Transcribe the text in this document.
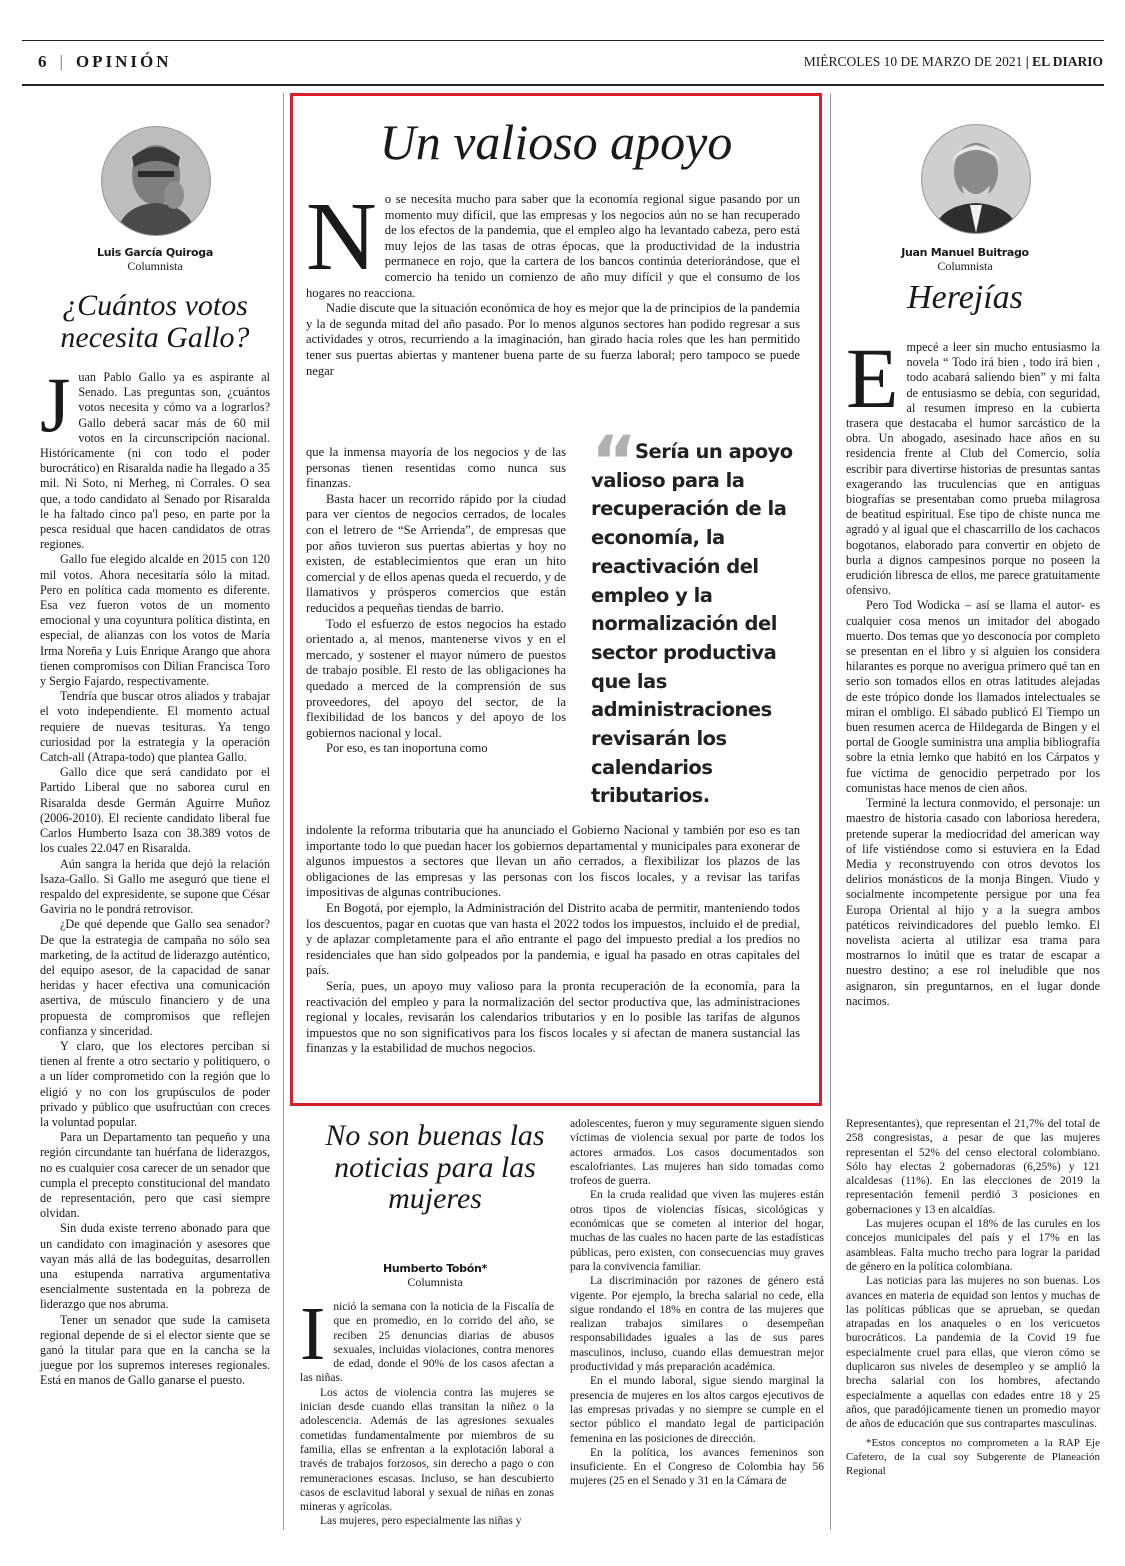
6 | OPINIÓN	MIÉRCOLES 10 DE MARZO DE 2021 | EL DIARIO
Luis García Quiroga
Columnista
¿Cuántos votos necesita Gallo?
J uan Pablo Gallo ya es aspirante al Senado. Las preguntas son, ¿cuántos votos necesita y cómo va a lograrlos? Gallo deberá sacar más de 60 mil votos en la circunscripción nacional. Históricamente (ni con todo el poder burocrático) en Risaralda nadie ha llegado a 35 mil. Ni Soto, ni Merheg, ni Corrales. O sea que, a todo candidato al Senado por Risaralda le ha faltado cinco pa'l peso, en parte por la pesca residual que hacen candidatos de otras regiones.

Gallo fue elegido alcalde en 2015 con 120 mil votos. Ahora necesitaría sólo la mitad. Pero en política cada momento es diferente. Esa vez fueron votos de un momento emocional y una coyuntura política distinta, en especial, de alianzas con los votos de María Irma Noreña y Luis Enrique Arango que ahora tienen compromisos con Dilian Francisca Toro y Sergio Fajardo, respectivamente.

Tendría que buscar otros aliados y trabajar el voto independiente. El momento actual requiere de nuevas tesituras. Ya tengo curiosidad por la estrategia y la operación Catch-all (Atrapa-todo) que plantea Gallo.

Gallo dice que será candidato por el Partido Liberal que no saborea curul en Risaralda desde Germán Aguirre Muñoz (2006-2010). El reciente candidato liberal fue Carlos Humberto Isaza con 38.389 votos de los cuales 22.047 en Risaralda.

Aún sangra la herida que dejó la relación Isaza-Gallo. Si Gallo me aseguró que tiene el respaldo del expresidente, se supone que César Gaviria no le pondrá retrovisor.

¿De qué depende que Gallo sea senador? De que la estrategia de campaña no sólo sea marketing, de la actitud de liderazgo auténtico, del equipo asesor, de la capacidad de sanar heridas y hacer efectiva una comunicación asertiva, de músculo financiero y de una propuesta de compromisos que reflejen confianza y sinceridad.

Y claro, que los electores perciban si tienen al frente a otro sectario y politiquero, o a un líder comprometido con la región que lo eligió y no con los grupúsculos de poder privado y público que usufructúan con creces la voluntad popular.

Para un Departamento tan pequeño y una región circundante tan huérfana de liderazgos, no es cualquier cosa carecer de un senador que cumpla el precepto constitucional del mandato de representación, pero que casi siempre olvidan.

Sin duda existe terreno abonado para que un candidato con imaginación y asesores que vayan más allá de las bodeguitas, desarrollen una estupenda narrativa argumentativa esencialmente sustentada en la pobreza de liderazgo que nos abruma.

Tener un senador que sude la camiseta regional depende de si el elector siente que se ganó la titular para que en la cancha se la juegue por los supremos intereses regionales. Está en manos de Gallo ganarse el puesto.

Un valioso apoyo
N o se necesita mucho para saber que la economía regional sigue pasando por un momento muy difícil, que las empresas y los negocios aún no se han recuperado de los efectos de la pandemia, que el empleo algo ha levantado cabeza, pero está muy lejos de las tasas de otras épocas, que la productividad de la industria permanece en rojo, que la cartera de los bancos continúa deteriorándose, que el comercio ha tenido un comienzo de año muy difícil y que el consumo de los hogares no reacciona.

Nadie discute que la situación económica de hoy es mejor que la de principios de la pandemia y la de segunda mitad del año pasado. Por lo menos algunos sectores han podido regresar a sus actividades y otros, recurriendo a la imaginación, han girado hacia roles que les han permitido tener sus puertas abiertas y mantener buena parte de su fuerza laboral; pero tampoco se puede negar

que la inmensa mayoría de los negocios y de las personas tienen resentidas como nunca sus finanzas.

Basta hacer un recorrido rápido por la ciudad para ver cientos de negocios cerrados, de locales con el letrero de “Se Arrienda”, de empresas que por años tuvieron sus puertas abiertas y hoy no existen, de establecimientos que eran un hito comercial y de ellos apenas queda el recuerdo, y de llamativos y prósperos comercios que están reducidos a pequeñas tiendas de barrio.

Todo el esfuerzo de estos negocios ha estado orientado a, al menos, mantenerse vivos y en el mercado, y sostener el mayor número de puestos de trabajo posible. El resto de las obligaciones ha quedado a merced de la comprensión de sus proveedores, del apoyo del sector, de la flexibilidad de los bancos y del apoyo de los gobiernos nacional y local.

Por eso, es tan inoportuna como

“
Sería un apoyo valioso para la recuperación de la economía, la reactivación del empleo y la normalización del sector productiva que las administraciones revisarán los calendarios tributarios.

indolente la reforma tributaria que ha anunciado el Gobierno Nacional y también por eso es tan importante todo lo que puedan hacer los gobiernos departamental y municipales para exonerar de algunos impuestos a sectores que llevan un año cerrados, a flexibilizar los plazos de las obligaciones de las empresas y las personas con los fiscos locales, y a revisar las tarifas impositivas de algunas contribuciones.

En Bogotá, por ejemplo, la Administración del Distrito acaba de permitir, manteniendo todos los descuentos, pagar en cuotas que van hasta el 2022 todos los impuestos, incluido el de predial, y de aplazar completamente para el año entrante el pago del impuesto predial a los predios no residenciales que han sido golpeados por la pandemia, e igual ha pasado en otras capitales del país.

Sería, pues, un apoyo muy valioso para la pronta recuperación de la economía, para la reactivación del empleo y para la normalización del sector productiva que, las administraciones regional y locales, revisarán los calendarios tributarios y en lo posible las tarifas de algunos impuestos que no son significativos para los fiscos locales y si afectan de manera sustancial las finanzas y la estabilidad de muchos negocios.

Juan Manuel Buitrago
Columnista
Herejías
E mpecé a leer sin mucho entusiasmo la novela “ Todo irá bien , todo irá bien , todo acabará saliendo bien” y mi falta de entusiasmo se debía, con seguridad, al resumen impreso en la cubierta trasera que destacaba el humor sarcástico de la obra. Un abogado, asesinado hace años en su residencia frente al Club del Comercio, solía escribir para divertirse historias de presuntas santas exagerando las truculencias que en antiguas biografías se presentaban como prueba milagrosa de beatitud espiritual. Ese tipo de chiste nunca me agradó y al igual que el chascarrillo de los cachacos bogotanos, elaborado para convertir en objeto de burla a dignos campesinos porque no poseen la erudición libresca de ellos, me parece gratuitamente ofensivo.

Pero Tod Wodicka – así se llama el autor- es cualquier cosa menos un imitador del abogado muerto. Dos temas que yo desconocía por completo se presentan en el libro y si alguien los considera hilarantes es porque no averigua primero qué tan en serio son tomados ellos en otras latitudes alejadas de este trópico donde los llamados intelectuales se miran el ombligo. El sábado publicó El Tiempo un buen resumen acerca de Hildegarda de Bingen y el portal de Google suministra una amplia bibliografía sobre la etnia lemko que habitó en los Cárpatos y fue víctima de genocidio perpetrado por los comunistas hace menos de cien años.

Terminé la lectura conmovido, el personaje: un maestro de historia casado con laboriosa heredera, pretende superar la mediocridad del american way of life vistiéndose como si estuviera en la Edad Media y reconstruyendo con otros devotos los delirios monásticos de la monja Bingen. Viudo y socialmente incompetente persigue por una fea Europa Oriental al hijo y a la suegra ambos patéticos reivindicadores del pueblo lemko. El novelista acierta al utilizar esa trama para mostrarnos lo inútil que es tratar de escapar a nuestro destino; a ese rol ineludible que nos asignaron, sin preguntarnos, en el lugar donde nacimos.

No son buenas las noticias para las mujeres
Humberto Tobón*
Columnista
I nició la semana con la noticia de la Fiscalía de que en promedio, en lo corrido del año, se reciben 25 denuncias diarias de abusos sexuales, incluidas violaciones, contra menores de edad, donde el 90% de los casos afectan a las niñas.

Los actos de violencia contra las mujeres se inician desde cuando ellas transitan la niñez o la adolescencia. Además de las agresiones sexuales cometidas fundamentalmente por miembros de su familia, ellas se enfrentan a la explotación laboral a través de trabajos forzosos, sin derecho a pago o con remuneraciones escasas. Incluso, se han descubierto casos de esclavitud laboral y sexual de niñas en zonas mineras y agrícolas.

Las mujeres, pero especialmente las niñas y

adolescentes, fueron y muy seguramente siguen siendo víctimas de violencia sexual por parte de todos los actores armados. Los casos documentados son escalofriantes. Las mujeres han sido tomadas como trofeos de guerra.

En la cruda realidad que viven las mujeres están otros tipos de violencias físicas, sicológicas y económicas que se cometen al interior del hogar, muchas de las cuales no hacen parte de las estadísticas públicas, pero existen, con consecuencias muy graves para la convivencia familiar.

La discriminación por razones de género está vigente. Por ejemplo, la brecha salarial no cede, ella sigue rondando el 18% en contra de las mujeres que realizan trabajos similares o desempeñan responsabilidades iguales a las de sus pares masculinos, incluso, cuando ellas demuestran mejor productividad y más preparación académica.

En el mundo laboral, sigue siendo marginal la presencia de mujeres en los altos cargos ejecutivos de las empresas privadas y no siempre se cumple en el sector público el mandato legal de participación femenina en las posiciones de dirección.

En la política, los avances femeninos son insuficiente. En el Congreso de Colombia hay 56 mujeres (25 en el Senado y 31 en la Cámara de

Representantes), que representan el 21,7% del total de 258 congresistas, a pesar de que las mujeres representan el 52% del censo electoral colombiano. Sólo hay electas 2 gobernadoras (6,25%) y 121 alcaldesas (11%). En las elecciones de 2019 la representación femenil perdió 3 posiciones en gobernaciones y 13 en alcaldías.

Las mujeres ocupan el 18% de las curules en los concejos municipales del país y el 17% en las asambleas. Falta mucho trecho para lograr la paridad de género en la política colombiana.

Las noticias para las mujeres no son buenas. Los avances en materia de equidad son lentos y muchas de las políticas públicas que se aprueban, se quedan atrapadas en los anaqueles o en los vericuetos burocráticos. La pandemia de la Covid 19 fue especialmente cruel para ellas, que vieron cómo se duplicaron sus niveles de desempleo y se amplió la brecha salarial con los hombres, afectando especialmente a aquellas con edades entre 18 y 25 años, que paradójicamente tienen un promedio mayor de años de educación que sus contrapartes masculinas.

*Estos conceptos no comprometen a la RAP Eje Cafetero, de la cual soy Subgerente de Planeación Regional
